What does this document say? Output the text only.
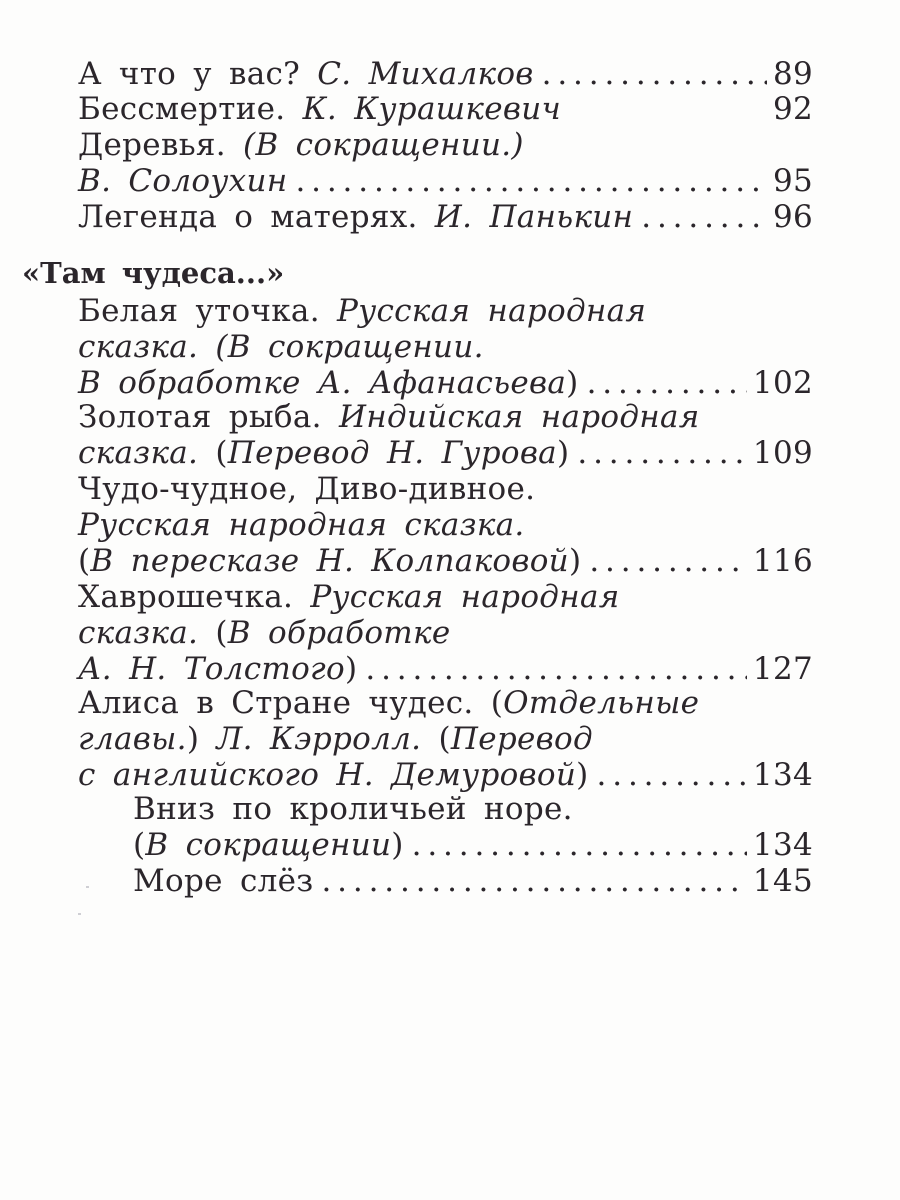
А что у вас? С. Михалков . . .	89
Бессмертие. К. Курашкевич	92
Деревья. (В сокращении.)
В. Солоухин . . .	95
Легенда о матерях. И. Панькин . . .	96
«Там чудеса...»
Белая уточка. Русская народная
сказка. (В сокращении.
В обработке А. Афанасьева) . . .	102
Золотая рыба. Индийская народная
сказка. (Перевод Н. Гурова) . . .	109
Чудо-чудное, Диво-дивное.
Русская народная сказка.
(В пересказе Н. Колпаковой) . . .	116
Хаврошечка. Русская народная
сказка. (В обработке
А. Н. Толстого) . . .	127
Алиса в Стране чудес. (Отдельные
главы.) Л. Кэрролл. (Перевод
с английского Н. Демуровой) . . .	134
Вниз по кроличьей норе.
(В сокращении) . . .	134
Море слёз . . .	145
